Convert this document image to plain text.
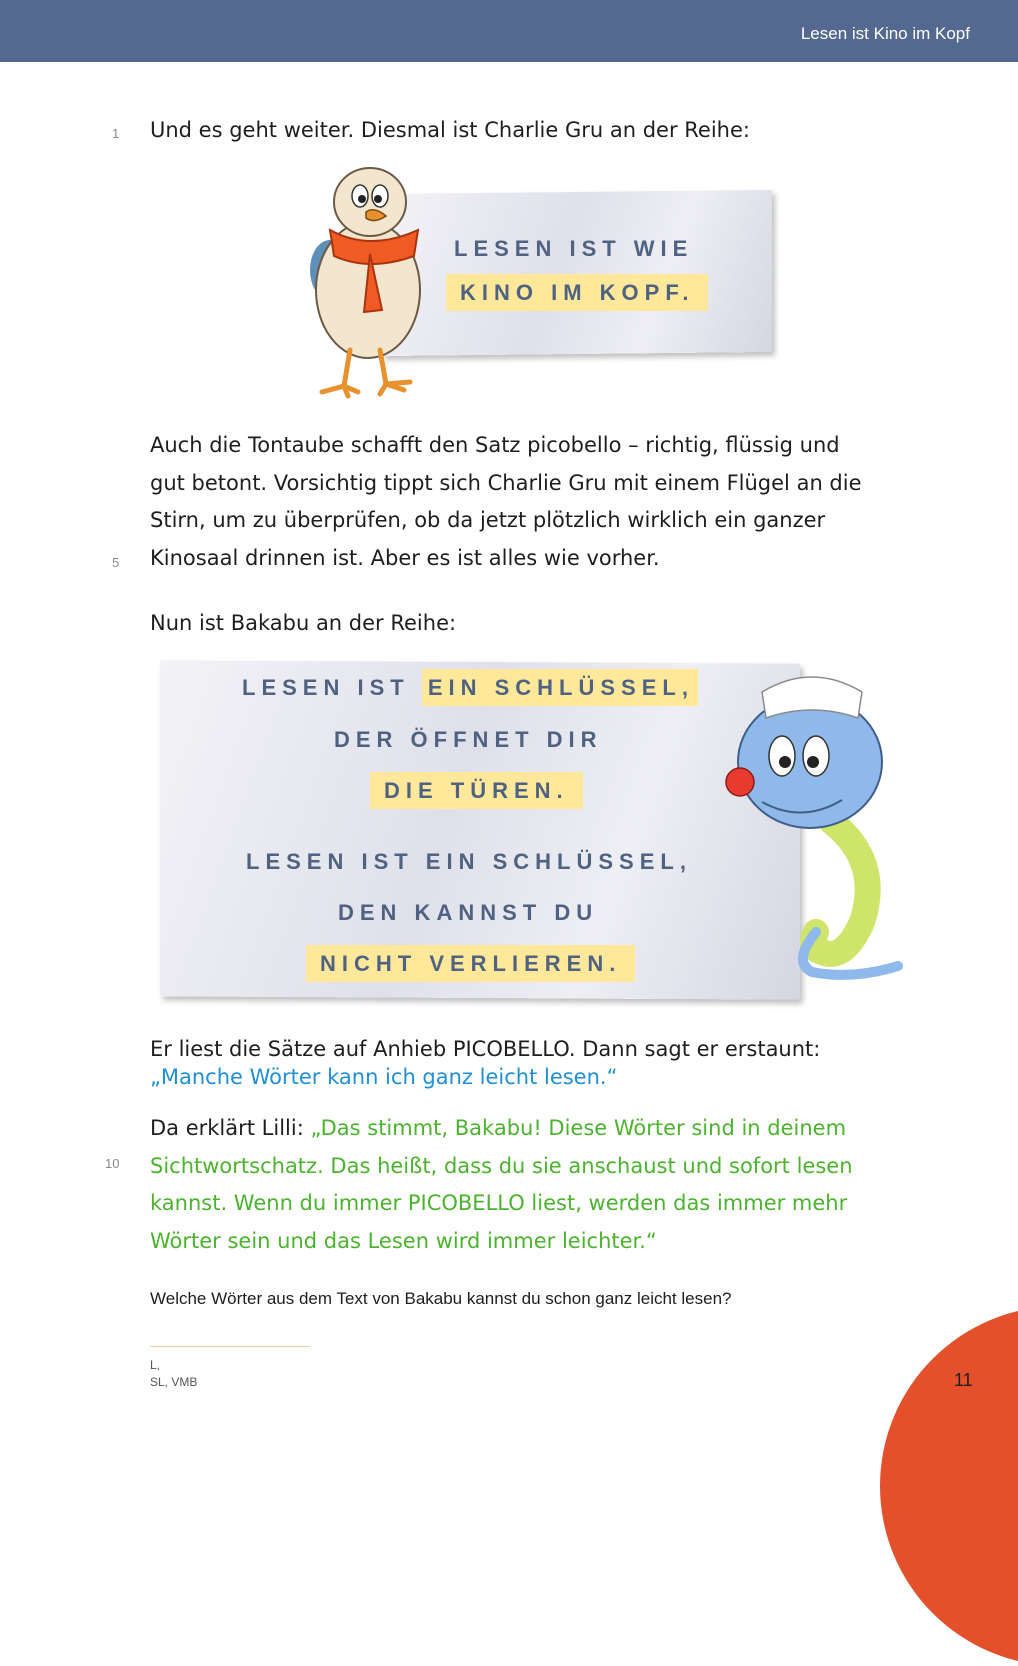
Lesen ist Kino im Kopf
1
5
10

Und es geht weiter. Diesmal ist Charlie Gru an der Reihe:

LESEN IST WIE
KINO IM KOPF.

Auch die Tontaube schafft den Satz picobello – richtig, flüssig und

gut betont. Vorsichtig tippt sich Charlie Gru mit einem Flügel an die

Stirn, um zu überprüfen, ob da jetzt plötzlich wirklich ein ganzer

Kinosaal drinnen ist. Aber es ist alles wie vorher.

Nun ist Bakabu an der Reihe:

LESEN IST EIN SCHLÜSSEL,
DER ÖFFNET DIR
DIE TÜREN.
LESEN IST EIN SCHLÜSSEL,
DEN KANNST DU
NICHT VERLIEREN.

Er liest die Sätze auf Anhieb PICOBELLO. Dann sagt er erstaunt:

„Manche Wörter kann ich ganz leicht lesen.“

Da erklärt Lilli: „Das stimmt, Bakabu! Diese Wörter sind in deinem

Sichtwortschatz. Das heißt, dass du sie anschaust und sofort lesen

kannst. Wenn du immer PICOBELLO liest, werden das immer mehr

Wörter sein und das Lesen wird immer leichter.“

Welche Wörter aus dem Text von Bakabu kannst du schon ganz leicht lesen?

L,
SL, VMB	11
